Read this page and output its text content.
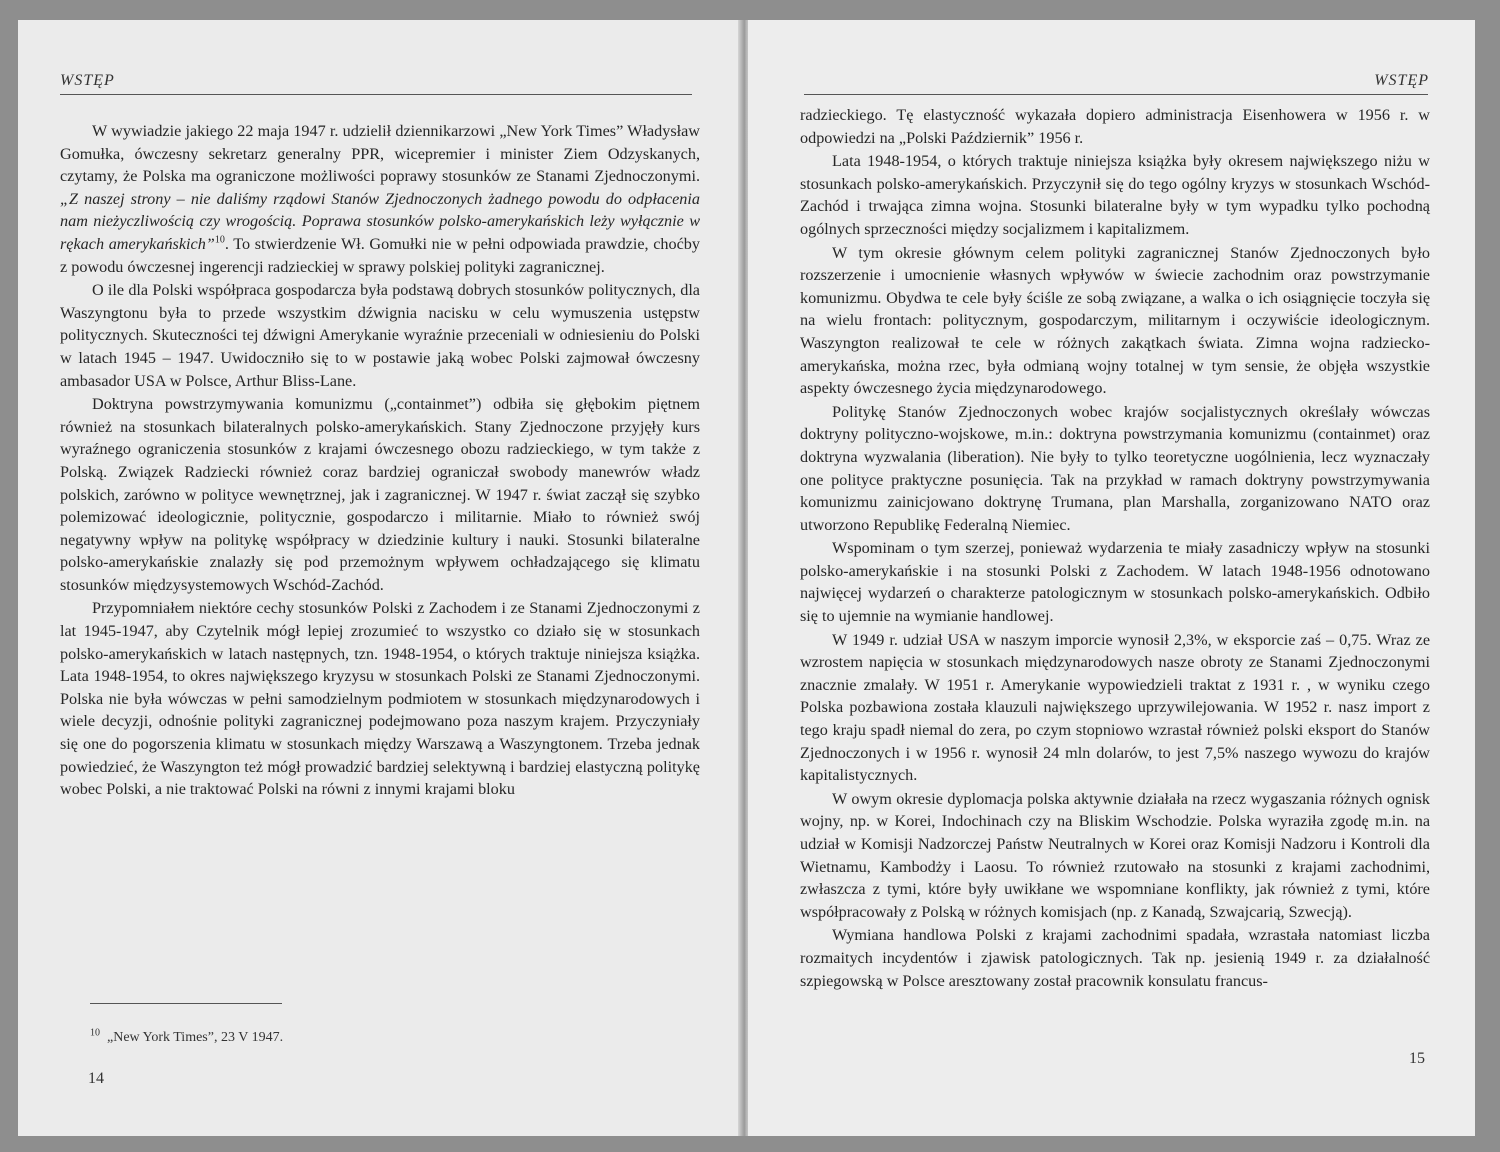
WSTĘP

W wywiadzie jakiego 22 maja 1947 r. udzielił dziennikarzowi „New York Times” Władysław Gomułka, ówczesny sekretarz generalny PPR, wicepremier i minister Ziem Odzyskanych, czytamy, że Polska ma ograniczone możliwości poprawy stosunków ze Stanami Zjednoczonymi. „Z naszej strony – nie daliśmy rządowi Stanów Zjednoczonych żadnego powodu do odpłacenia nam nieżyczliwością czy wrogością. Poprawa stosunków polsko-amerykańskich leży wyłącznie w rękach amerykańskich”$^{10}$. To stwierdzenie Wł. Gomułki nie w pełni odpowiada prawdzie, choćby z powodu ówczesnej ingerencji radzieckiej w sprawy polskiej polityki zagranicznej.

O ile dla Polski współpraca gospodarcza była podstawą dobrych stosunków politycznych, dla Waszyngtonu była to przede wszystkim dźwignia nacisku w celu wymuszenia ustępstw politycznych. Skuteczności tej dźwigni Amerykanie wyraźnie przeceniali w odniesieniu do Polski w latach 1945 – 1947. Uwidoczniło się to w postawie jaką wobec Polski zajmował ówczesny ambasador USA w Polsce, Arthur Bliss-Lane.

Doktryna powstrzymywania komunizmu („containmet”) odbiła się głębokim piętnem również na stosunkach bilateralnych polsko-amerykańskich. Stany Zjednoczone przyjęły kurs wyraźnego ograniczenia stosunków z krajami ówczesnego obozu radzieckiego, w tym także z Polską. Związek Radziecki również coraz bardziej ograniczał swobody manewrów władz polskich, zarówno w polityce wewnętrznej, jak i zagranicznej. W 1947 r. świat zaczął się szybko polemizować ideologicznie, politycznie, gospodarczo i militarnie. Miało to również swój negatywny wpływ na politykę współpracy w dziedzinie kultury i nauki. Stosunki bilateralne polsko-amerykańskie znalazły się pod przemożnym wpływem ochładzającego się klimatu stosunków międzysystemowych Wschód-Zachód.

Przypomniałem niektóre cechy stosunków Polski z Zachodem i ze Stanami Zjednoczonymi z lat 1945-1947, aby Czytelnik mógł lepiej zrozumieć to wszystko co działo się w stosunkach polsko-amerykańskich w latach następnych, tzn. 1948-1954, o których traktuje niniejsza książka. Lata 1948-1954, to okres największego kryzysu w stosunkach Polski ze Stanami Zjednoczonymi. Polska nie była wówczas w pełni samodzielnym podmiotem w stosunkach międzynarodowych i wiele decyzji, odnośnie polityki zagranicznej podejmowano poza naszym krajem. Przyczyniały się one do pogorszenia klimatu w stosunkach między Warszawą a Waszyngtonem. Trzeba jednak powiedzieć, że Waszyngton też mógł prowadzić bardziej selektywną i bardziej elastyczną politykę wobec Polski, a nie traktować Polski na równi z innymi krajami bloku

$^{10}$ „New York Times”, 23 V 1947.
14
WSTĘP

radzieckiego. Tę elastyczność wykazała dopiero administracja Eisenhowera w 1956 r. w odpowiedzi na „Polski Październik” 1956 r.

Lata 1948-1954, o których traktuje niniejsza książka były okresem największego niżu w stosunkach polsko-amerykańskich. Przyczynił się do tego ogólny kryzys w stosunkach Wschód-Zachód i trwająca zimna wojna. Stosunki bilateralne były w tym wypadku tylko pochodną ogólnych sprzeczności między socjalizmem i kapitalizmem.

W tym okresie głównym celem polityki zagranicznej Stanów Zjednoczonych było rozszerzenie i umocnienie własnych wpływów w świecie zachodnim oraz powstrzymanie komunizmu. Obydwa te cele były ściśle ze sobą związane, a walka o ich osiągnięcie toczyła się na wielu frontach: politycznym, gospodarczym, militarnym i oczywiście ideologicznym. Waszyngton realizował te cele w różnych zakątkach świata. Zimna wojna radziecko-amerykańska, można rzec, była odmianą wojny totalnej w tym sensie, że objęła wszystkie aspekty ówczesnego życia międzynarodowego.

Politykę Stanów Zjednoczonych wobec krajów socjalistycznych określały wówczas doktryny polityczno-wojskowe, m.in.: doktryna powstrzymania komunizmu (containmet) oraz doktryna wyzwalania (liberation). Nie były to tylko teoretyczne uogólnienia, lecz wyznaczały one polityce praktyczne posunięcia. Tak na przykład w ramach doktryny powstrzymywania komunizmu zainicjowano doktrynę Trumana, plan Marshalla, zorganizowano NATO oraz utworzono Republikę Federalną Niemiec.

Wspominam o tym szerzej, ponieważ wydarzenia te miały zasadniczy wpływ na stosunki polsko-amerykańskie i na stosunki Polski z Zachodem. W latach 1948-1956 odnotowano najwięcej wydarzeń o charakterze patologicznym w stosunkach polsko-amerykańskich. Odbiło się to ujemnie na wymianie handlowej.

W 1949 r. udział USA w naszym imporcie wynosił 2,3%, w eksporcie zaś – 0,75. Wraz ze wzrostem napięcia w stosunkach międzynarodowych nasze obroty ze Stanami Zjednoczonymi znacznie zmalały. W 1951 r. Amerykanie wypowiedzieli traktat z 1931 r. , w wyniku czego Polska pozbawiona została klauzuli największego uprzywilejowania. W 1952 r. nasz import z tego kraju spadł niemal do zera, po czym stopniowo wzrastał również polski eksport do Stanów Zjednoczonych i w 1956 r. wynosił 24 mln dolarów, to jest 7,5% naszego wywozu do krajów kapitalistycznych.

W owym okresie dyplomacja polska aktywnie działała na rzecz wygaszania różnych ognisk wojny, np. w Korei, Indochinach czy na Bliskim Wschodzie. Polska wyraziła zgodę m.in. na udział w Komisji Nadzorczej Państw Neutralnych w Korei oraz Komisji Nadzoru i Kontroli dla Wietnamu, Kambodży i Laosu. To również rzutowało na stosunki z krajami zachodnimi, zwłaszcza z tymi, które były uwikłane we wspomniane konflikty, jak również z tymi, które współpracowały z Polską w różnych komisjach (np. z Kanadą, Szwajcarią, Szwecją).

Wymiana handlowa Polski z krajami zachodnimi spadała, wzrastała natomiast liczba rozmaitych incydentów i zjawisk patologicznych. Tak np. jesienią 1949 r. za działalność szpiegowską w Polsce aresztowany został pracownik konsulatu francus-

15
